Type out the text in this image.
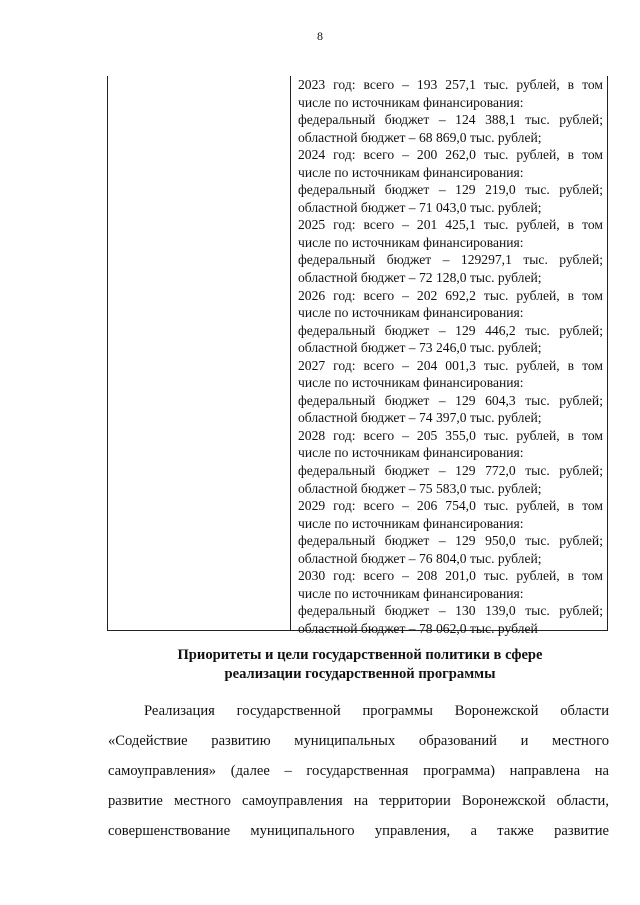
8
2023 год: всего – 193 257,1 тыс. рублей, в том
числе по источникам финансирования:
федеральный бюджет – 124 388,1 тыс. рублей;
областной бюджет – 68 869,0 тыс. рублей;
2024 год: всего – 200 262,0 тыс. рублей, в том
числе по источникам финансирования:
федеральный бюджет – 129 219,0 тыс. рублей;
областной бюджет – 71 043,0 тыс. рублей;
2025 год: всего – 201 425,1 тыс. рублей, в том
числе по источникам финансирования:
федеральный бюджет – 129297,1 тыс. рублей;
областной бюджет – 72 128,0 тыс. рублей;
2026 год: всего – 202 692,2 тыс. рублей, в том
числе по источникам финансирования:
федеральный бюджет – 129 446,2 тыс. рублей;
областной бюджет – 73 246,0 тыс. рублей;
2027 год: всего – 204 001,3 тыс. рублей, в том
числе по источникам финансирования:
федеральный бюджет – 129 604,3 тыс. рублей;
областной бюджет – 74 397,0 тыс. рублей;
2028 год: всего – 205 355,0 тыс. рублей, в том
числе по источникам финансирования:
федеральный бюджет – 129 772,0 тыс. рублей;
областной бюджет – 75 583,0 тыс. рублей;
2029 год: всего – 206 754,0 тыс. рублей, в том
числе по источникам финансирования:
федеральный бюджет – 129 950,0 тыс. рублей;
областной бюджет – 76 804,0 тыс. рублей;
2030 год: всего – 208 201,0 тыс. рублей, в том
числе по источникам финансирования:
федеральный бюджет – 130 139,0 тыс. рублей;
областной бюджет – 78 062,0 тыс. рублей
Приоритеты и цели государственной политики в сфере
реализации государственной программы
Реализация государственной программы Воронежской области
«Содействие развитию муниципальных образований и местного
самоуправления» (далее – государственная программа) направлена на
развитие местного самоуправления на территории Воронежской области,
совершенствование муниципального управления, а также развитие
